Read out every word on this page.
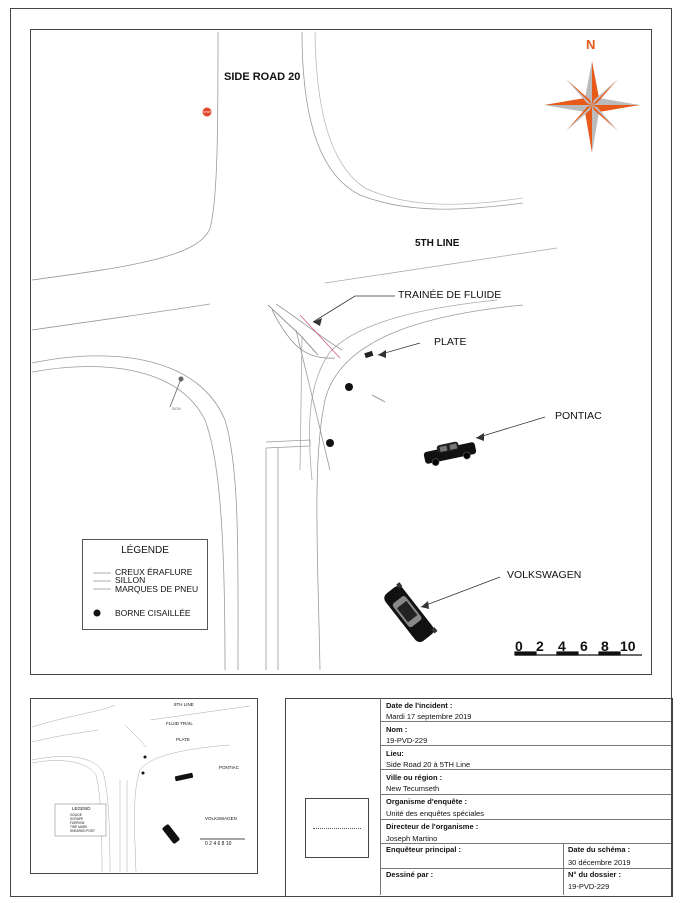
SIGN
SIDE ROAD 20
STOP
5TH LINE
N
TRAINÉE DE FLUIDE
PLATE
PONTIAC
VOLKSWAGEN
0 2 4 6 8 10
LÉGENDE
CREUX ÉRAFLURE
SILLON
MARQUES DE PNEU
BORNE CISAILLÉE
5TH LINE
FLUID TRAIL
PLATE
PONTIAC
VOLKSWAGEN
LEGEND
GOUGE
SCRAPE
FURROW
TIRE MARK
SHEARED POST
0 2 4 6 8 10
Date de l'incident :
Mardi 17 septembre 2019
Nom :
19-PVD-229
Lieu:
Side Road 20 à 5TH Line
Ville ou région :
New Tecumseth
Organisme d'enquête :
Unité des enquêtes spéciales
Directeur de l'organisme :
Joseph Martino
Enquêteur principal :	Date du schéma :
30 décembre 2019
Dessiné par :	N° du dossier :
19-PVD-229
